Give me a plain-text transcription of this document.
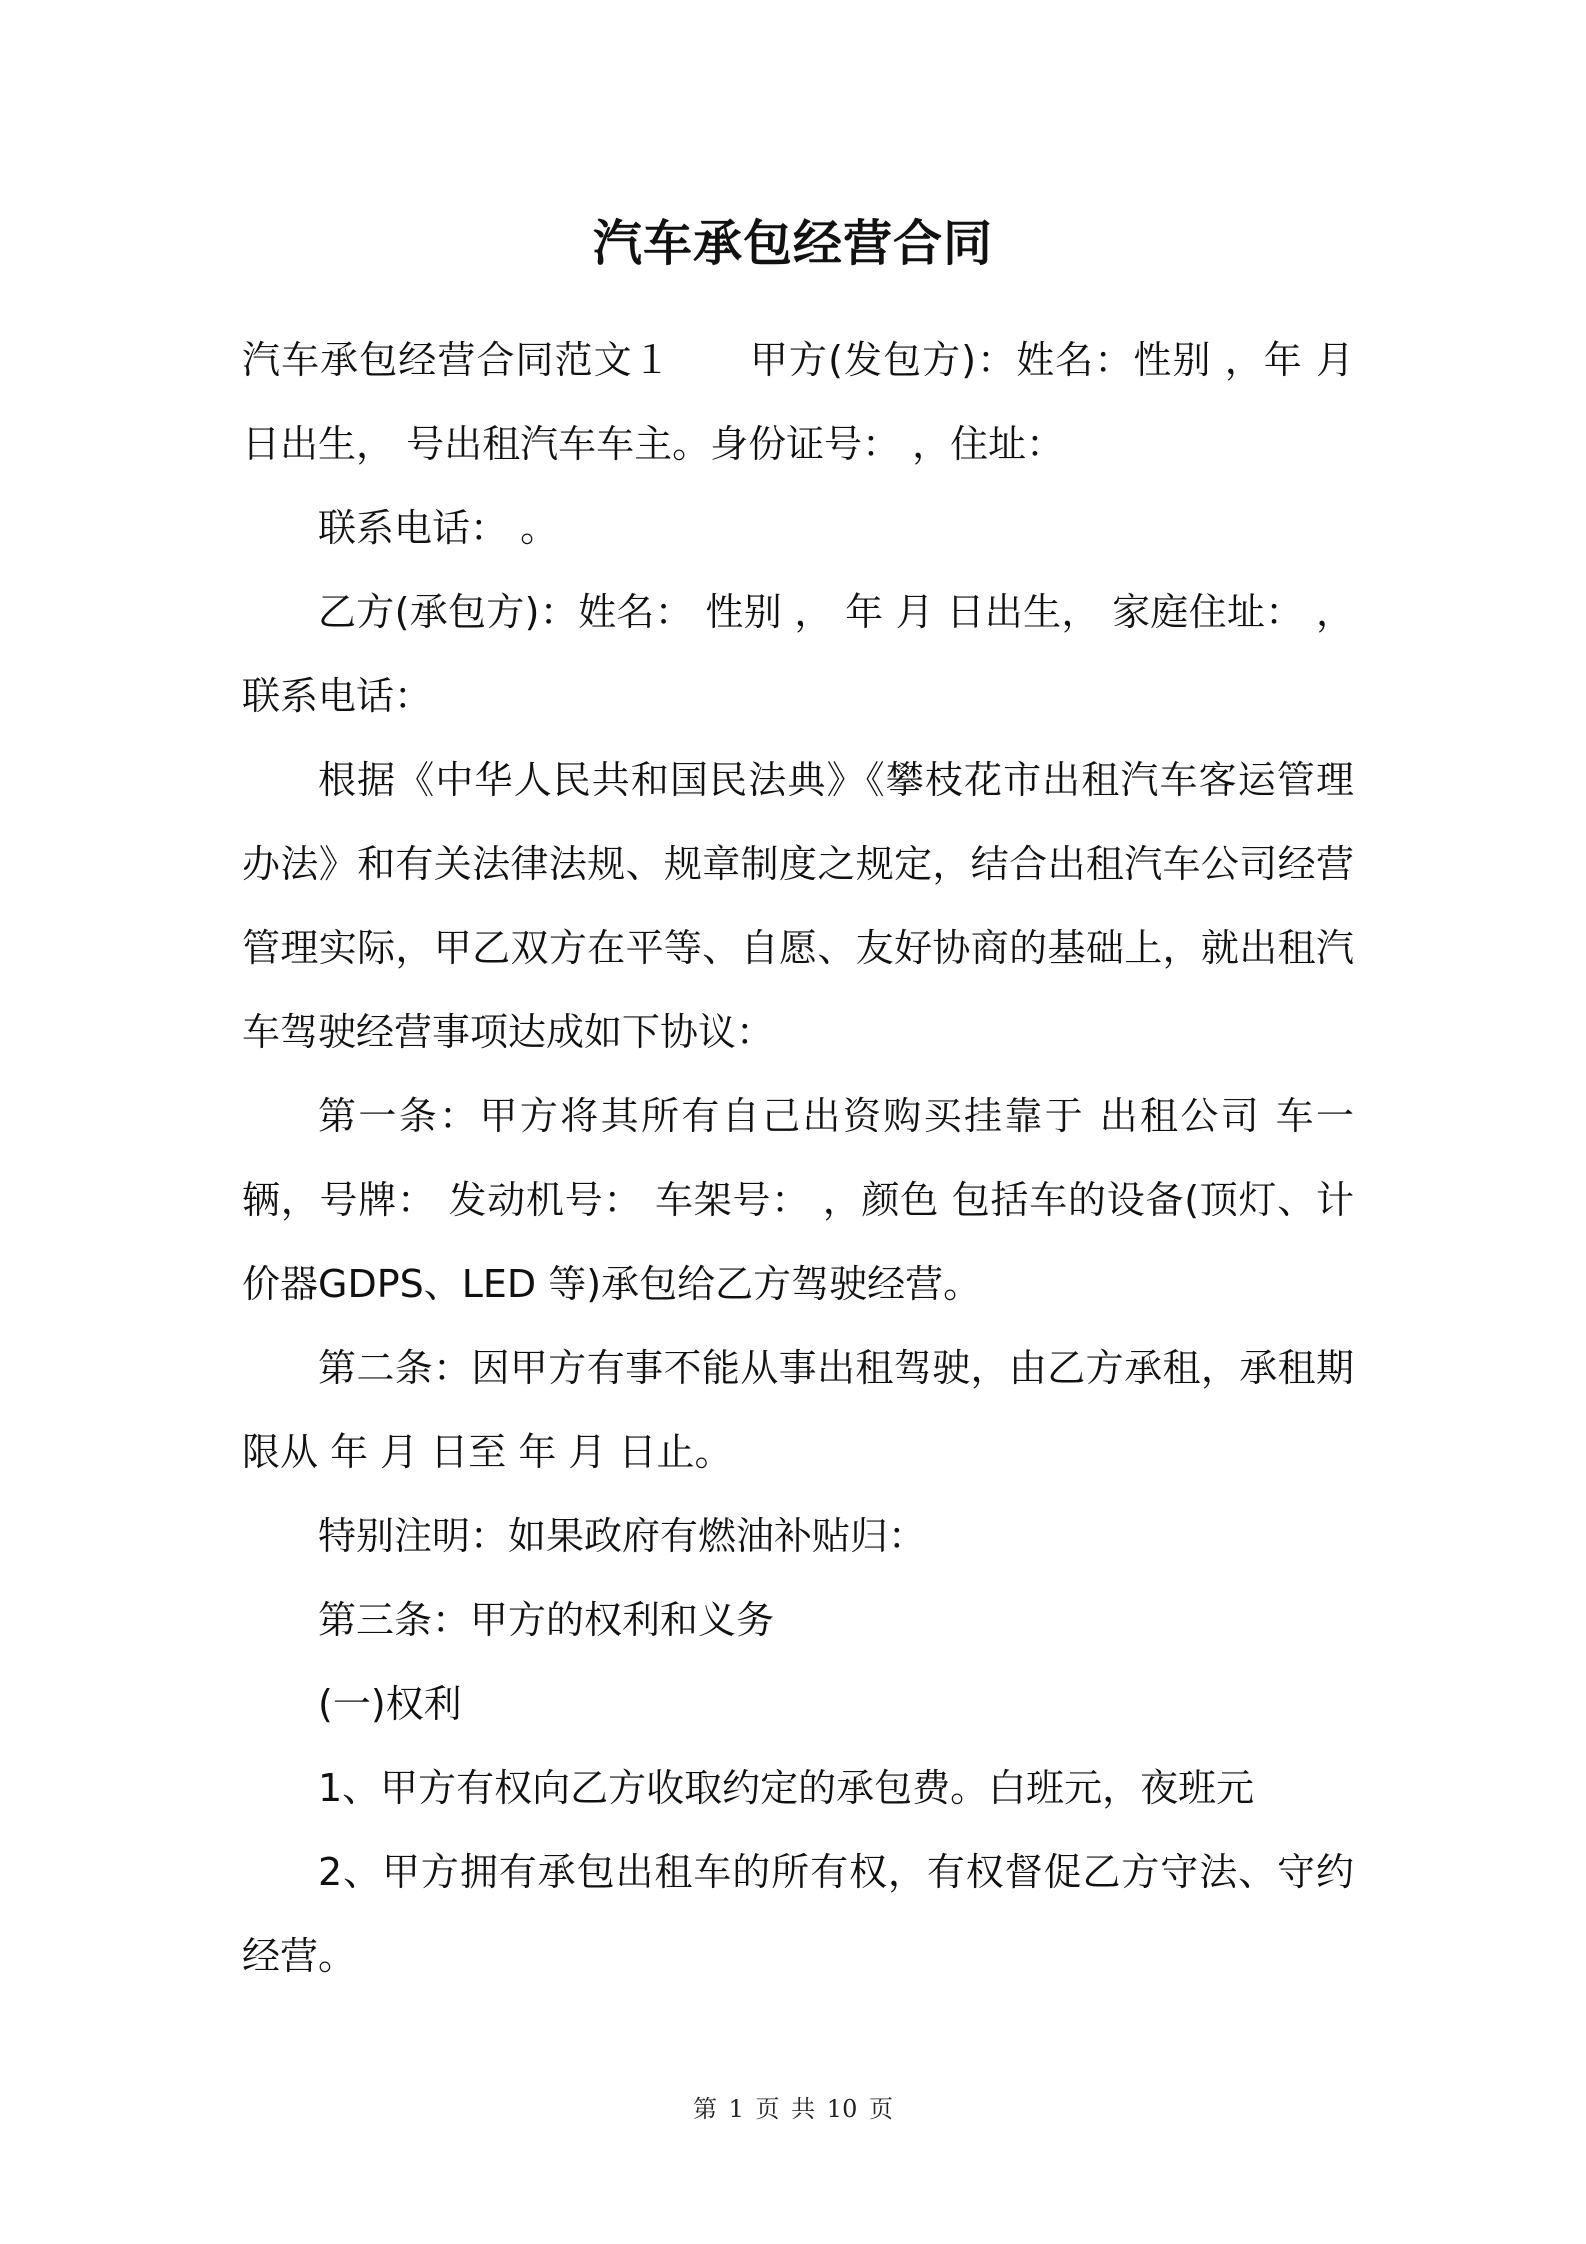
汽车承包经营合同

汽车承包经营合同范文１　　甲方(发包方)：姓名：性别 ，年 月 日出生， 号出租汽车车主。身份证号： ，住址：

联系电话： 。

乙方(承包方)：姓名： 性别 ， 年 月 日出生， 家庭住址： ，联系电话：

根据《中华人民共和国民法典》《攀枝花市出租汽车客运管理办法》和有关法律法规、规章制度之规定，结合出租汽车公司经营管理实际，甲乙双方在平等、自愿、友好协商的基础上，就出租汽车驾驶经营事项达成如下协议：

第一条：甲方将其所有自己出资购买挂靠于 出租公司 车一辆，号牌： 发动机号： 车架号： ，颜色 包括车的设备(顶灯、计价器GDPS、LED 等)承包给乙方驾驶经营。

第二条：因甲方有事不能从事出租驾驶，由乙方承租，承租期限从 年 月 日至 年 月 日止。

特别注明：如果政府有燃油补贴归：

第三条：甲方的权利和义务

(一)权利

1、甲方有权向乙方收取约定的承包费。白班元，夜班元

2、甲方拥有承包出租车的所有权，有权督促乙方守法、守约经营。

第 1 页 共 10 页
